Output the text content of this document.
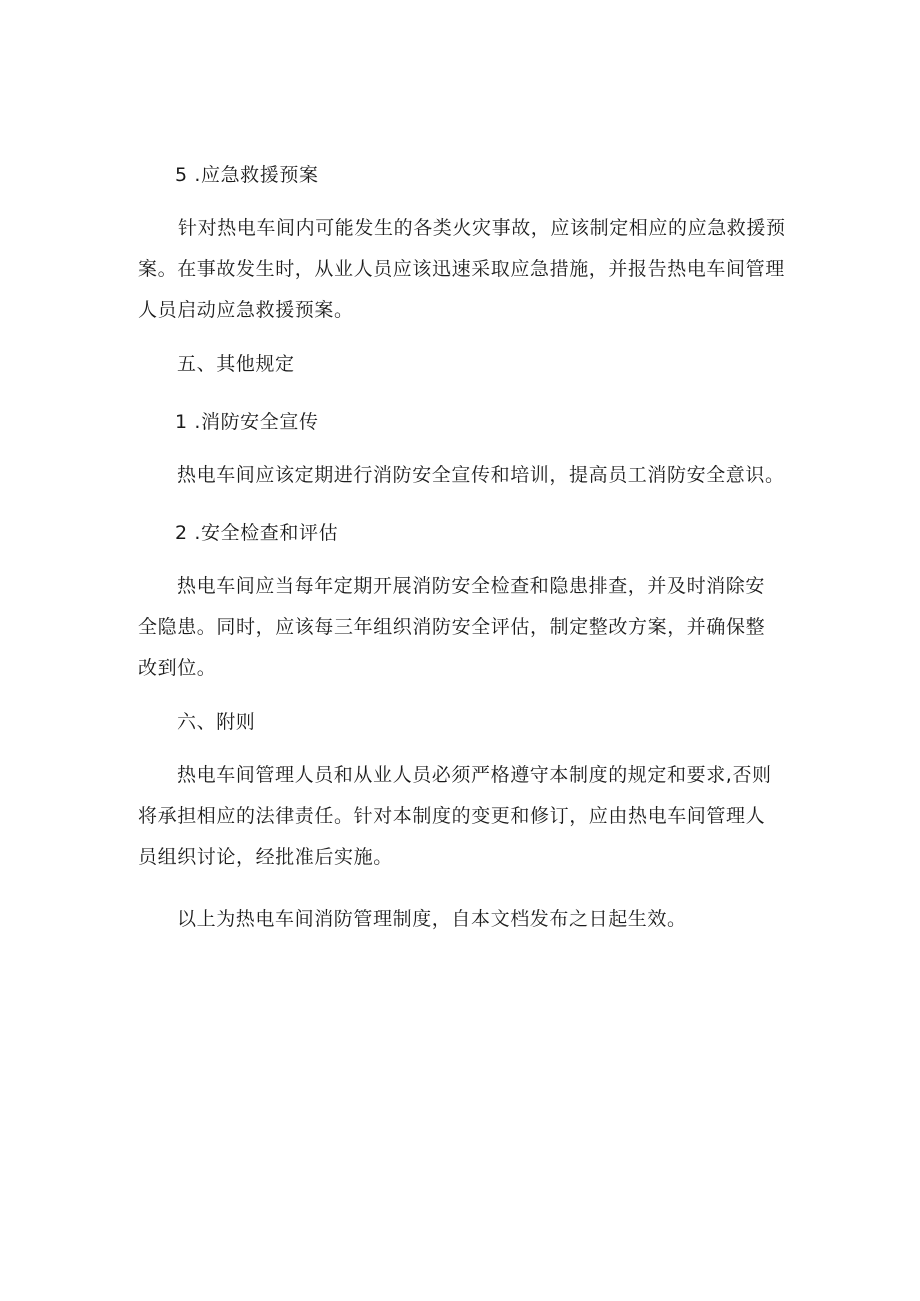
5 .应急救援预案
针对热电车间内可能发生的各类火灾事故，应该制定相应的应急救援预
案。在事故发生时，从业人员应该迅速采取应急措施，并报告热电车间管理
人员启动应急救援预案。
五、其他规定
1 .消防安全宣传
热电车间应该定期进行消防安全宣传和培训，提高员工消防安全意识。
2 .安全检查和评估
热电车间应当每年定期开展消防安全检查和隐患排查，并及时消除安
全隐患。同时，应该每三年组织消防安全评估，制定整改方案，并确保整
改到位。
六、附则
热电车间管理人员和从业人员必须严格遵守本制度的规定和要求,否则
将承担相应的法律责任。针对本制度的变更和修订，应由热电车间管理人
员组织讨论，经批准后实施。
以上为热电车间消防管理制度，自本文档发布之日起生效。
